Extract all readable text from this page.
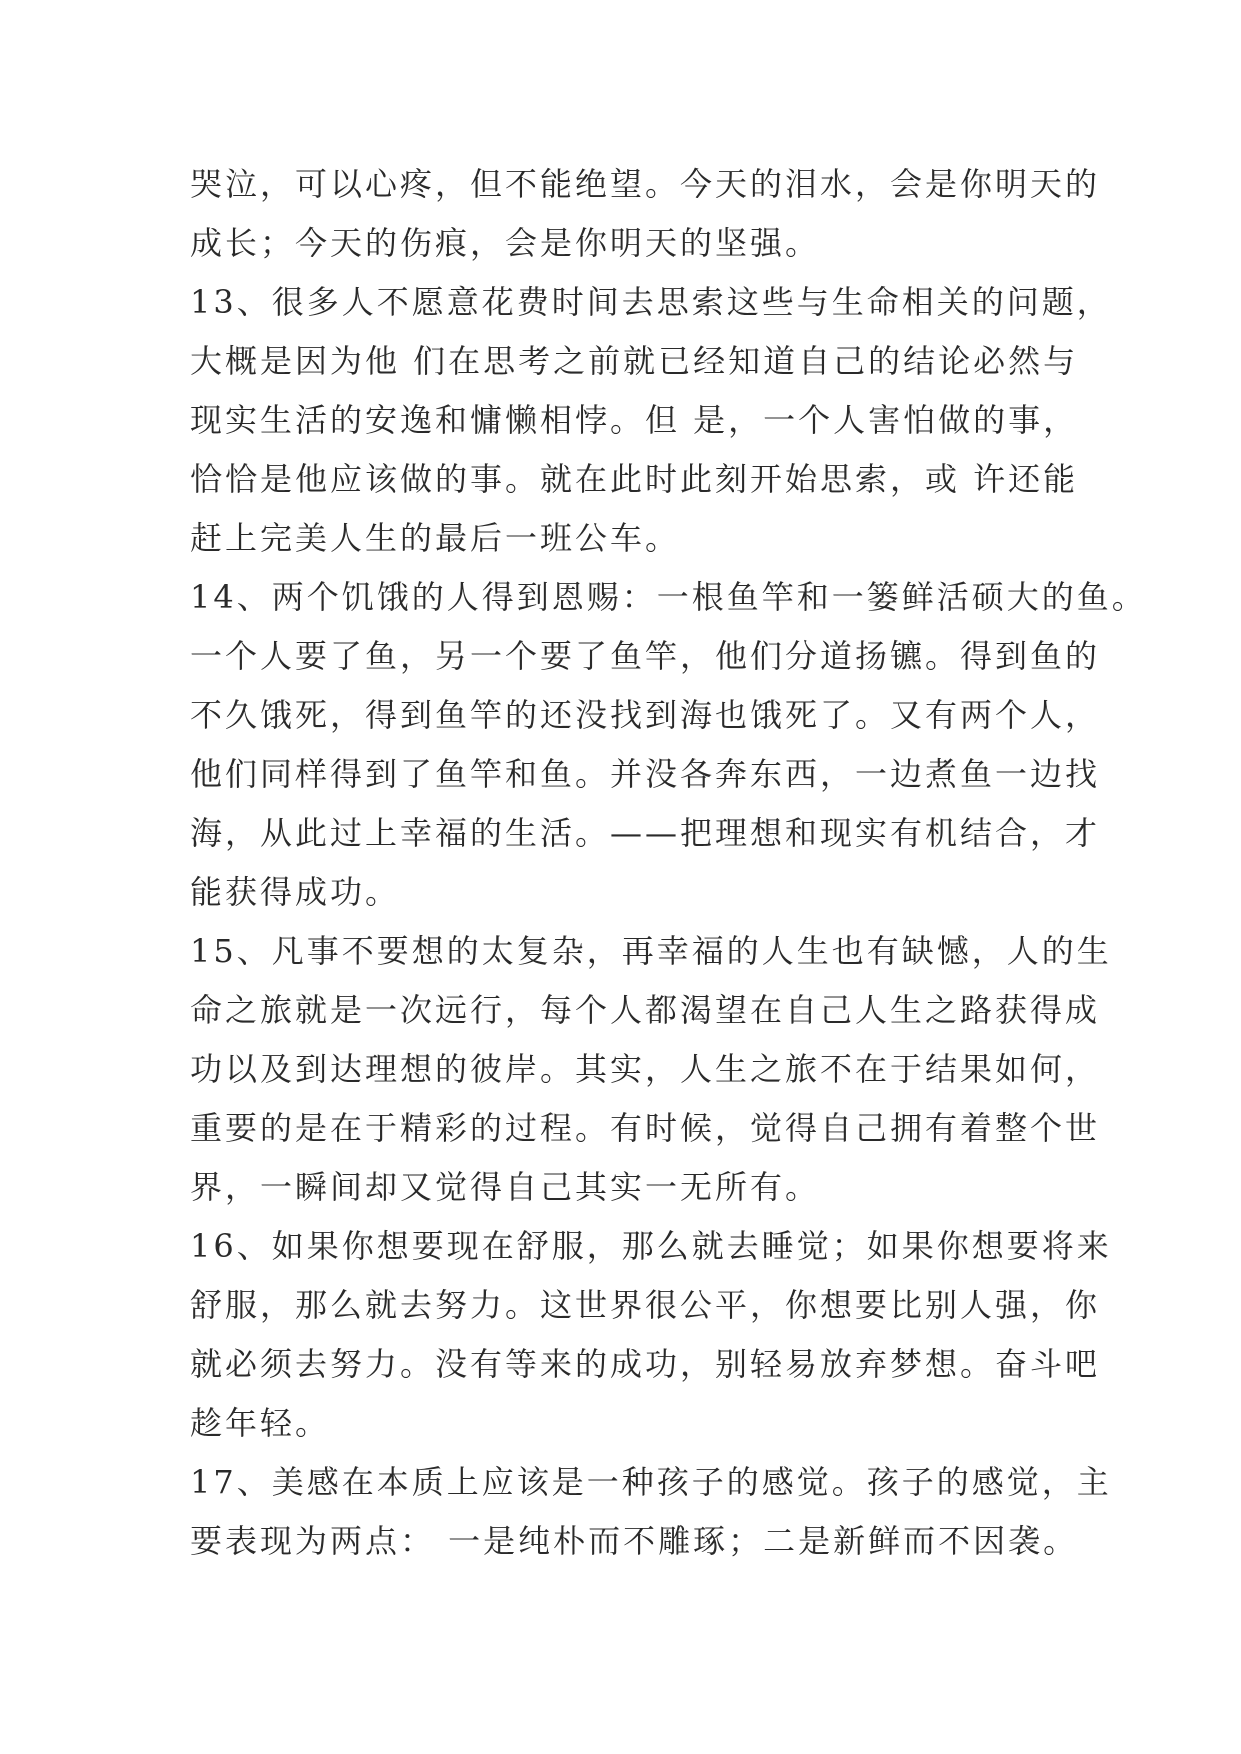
哭泣，可以心疼，但不能绝望。今天的泪水，会是你明天的
成长；今天的伤痕，会是你明天的坚强。
13、很多人不愿意花费时间去思索这些与生命相关的问题，
大概是因为他 们在思考之前就已经知道自己的结论必然与
现实生活的安逸和慵懒相悖。但 是，一个人害怕做的事，
恰恰是他应该做的事。就在此时此刻开始思索，或 许还能
赶上完美人生的最后一班公车。
14、两个饥饿的人得到恩赐：一根鱼竿和一篓鲜活硕大的鱼。
一个人要了鱼，另一个要了鱼竿，他们分道扬镳。得到鱼的
不久饿死，得到鱼竿的还没找到海也饿死了。又有两个人，
他们同样得到了鱼竿和鱼。并没各奔东西，一边煮鱼一边找
海，从此过上幸福的生活。——把理想和现实有机结合，才
能获得成功。
15、凡事不要想的太复杂，再幸福的人生也有缺憾，人的生
命之旅就是一次远行，每个人都渴望在自己人生之路获得成
功以及到达理想的彼岸。其实，人生之旅不在于结果如何，
重要的是在于精彩的过程。有时候，觉得自己拥有着整个世
界，一瞬间却又觉得自己其实一无所有。
16、如果你想要现在舒服，那么就去睡觉；如果你想要将来
舒服，那么就去努力。这世界很公平，你想要比别人强，你
就必须去努力。没有等来的成功，别轻易放弃梦想。奋斗吧
趁年轻。
17、美感在本质上应该是一种孩子的感觉。孩子的感觉，主
要表现为两点： 一是纯朴而不雕琢；二是新鲜而不因袭。
